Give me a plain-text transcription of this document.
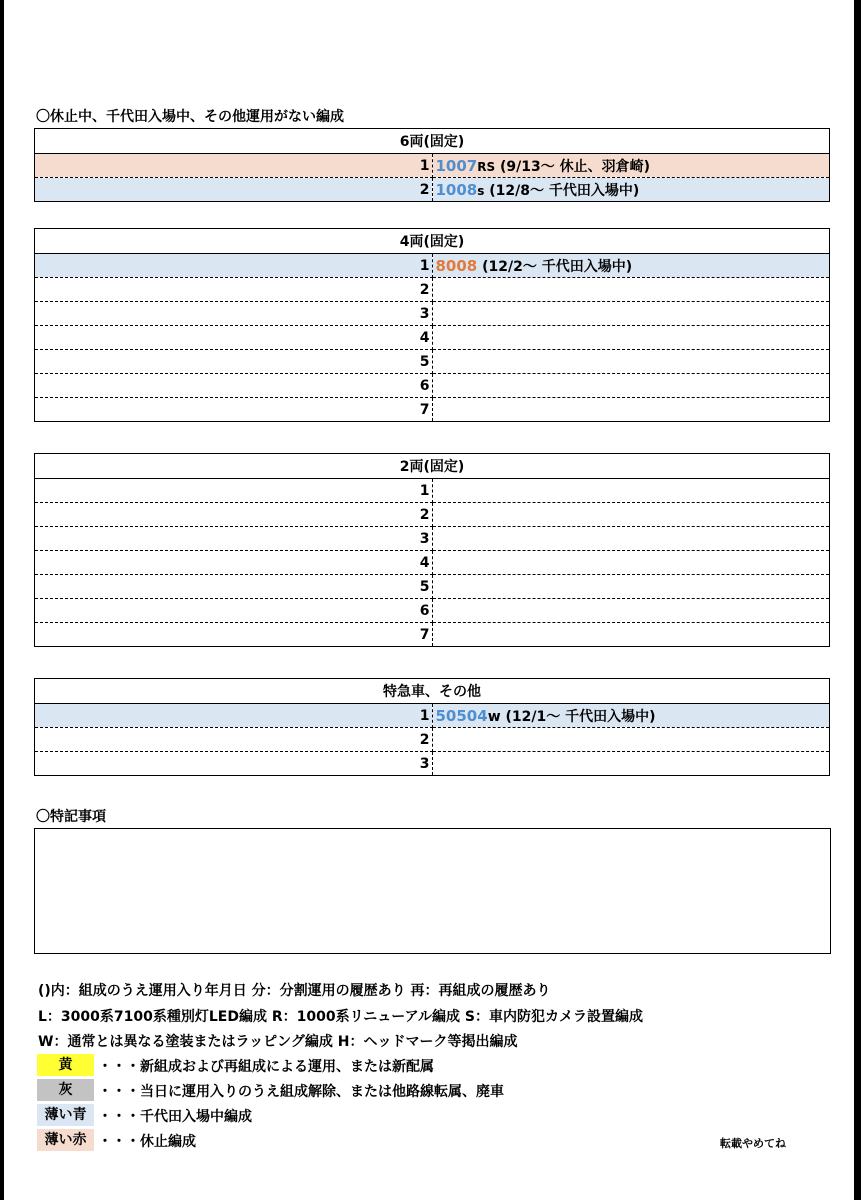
〇休止中、千代田入場中、その他運用がない編成
6両(固定)	
1	1007RS (9/13～ 休止、羽倉崎)
2	1008s (12/8～ 千代田入場中)
4両(固定)	
1	8008 (12/2～ 千代田入場中)
2	
3	
4	
5	
6	
7	
2両(固定)	
1	
2	
3	
4	
5	
6	
7	
特急車、その他	
1	50504w (12/1～ 千代田入場中)
2	
3	
〇特記事項
()内：組成のうえ運用入り年月日 分：分割運用の履歴あり 再：再組成の履歴あり
L：3000系7100系種別灯LED編成 R：1000系リニューアル編成 S：車内防犯カメラ設置編成
W：通常とは異なる塗装またはラッピング編成 H：ヘッドマーク等掲出編成
黄	・・・新組成および再組成による運用、または新配属
灰	・・・当日に運用入りのうえ組成解除、または他路線転属、廃車
薄い青 ・・・千代田入場中編成
薄い赤 ・・・休止編成	転載やめてね
